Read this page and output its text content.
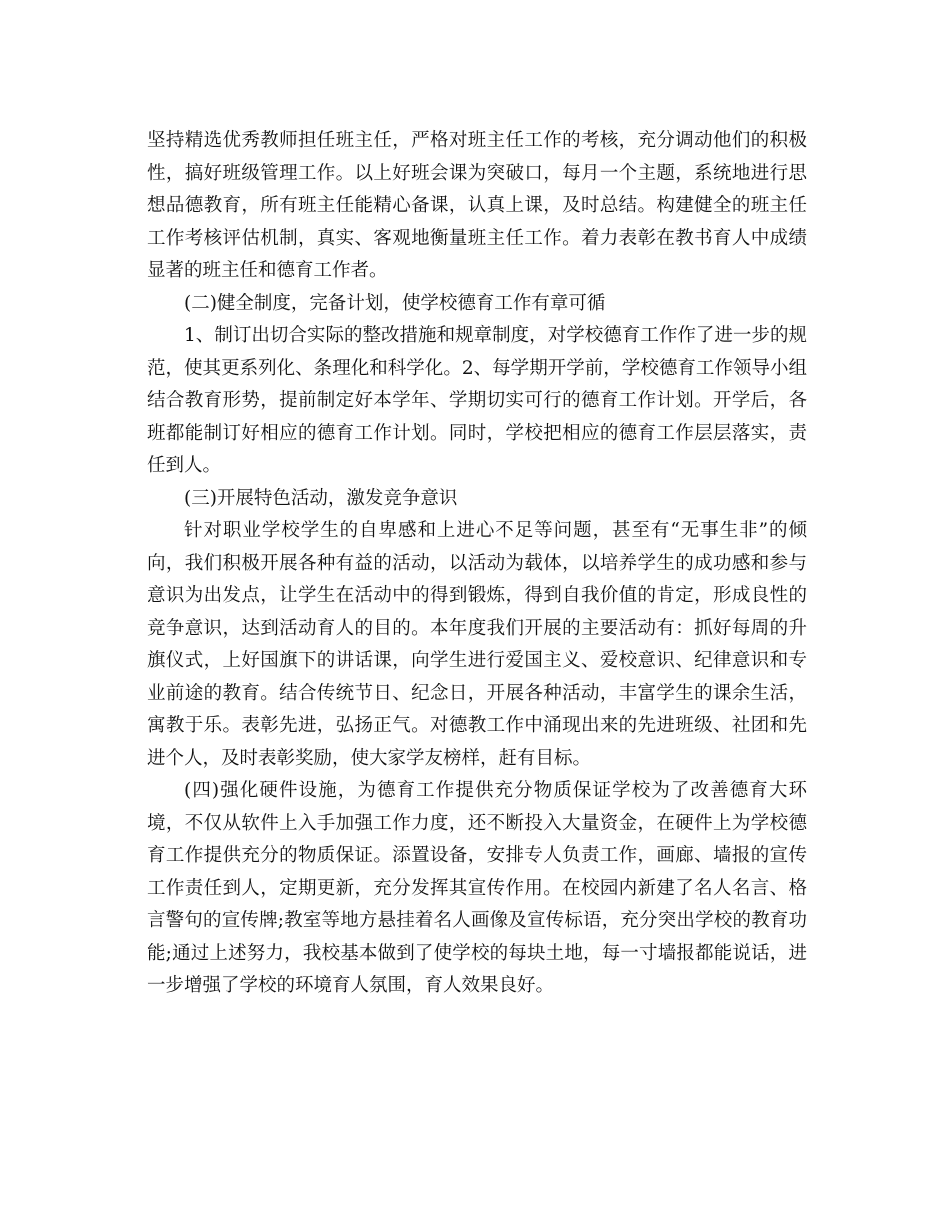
坚持精选优秀教师担任班主任，严格对班主任工作的考核，充分调动他们的积极性，搞好班级管理工作。以上好班会课为突破口，每月一个主题，系统地进行思想品德教育，所有班主任能精心备课，认真上课，及时总结。构建健全的班主任工作考核评估机制，真实、客观地衡量班主任工作。着力表彰在教书育人中成绩显著的班主任和德育工作者。

(二)健全制度，完备计划，使学校德育工作有章可循

1、制订出切合实际的整改措施和规章制度，对学校德育工作作了进一步的规范，使其更系列化、条理化和科学化。2、每学期开学前，学校德育工作领导小组结合教育形势，提前制定好本学年、学期切实可行的德育工作计划。开学后，各班都能制订好相应的德育工作计划。同时，学校把相应的德育工作层层落实，责任到人。

(三)开展特色活动，激发竞争意识

针对职业学校学生的自卑感和上进心不足等问题，甚至有“无事生非”的倾向，我们积极开展各种有益的活动，以活动为载体，以培养学生的成功感和参与意识为出发点，让学生在活动中的得到锻炼，得到自我价值的肯定，形成良性的竞争意识，达到活动育人的目的。本年度我们开展的主要活动有：抓好每周的升旗仪式，上好国旗下的讲话课，向学生进行爱国主义、爱校意识、纪律意识和专业前途的教育。结合传统节日、纪念日，开展各种活动，丰富学生的课余生活，寓教于乐。表彰先进，弘扬正气。对德教工作中涌现出来的先进班级、社团和先进个人，及时表彰奖励，使大家学友榜样，赶有目标。

(四)强化硬件设施，为德育工作提供充分物质保证学校为了改善德育大环境，不仅从软件上入手加强工作力度，还不断投入大量资金，在硬件上为学校德育工作提供充分的物质保证。添置设备，安排专人负责工作，画廊、墙报的宣传工作责任到人，定期更新，充分发挥其宣传作用。在校园内新建了名人名言、格言警句的宣传牌;教室等地方悬挂着名人画像及宣传标语，充分突出学校的教育功能;通过上述努力，我校基本做到了使学校的每块土地，每一寸墙报都能说话，进一步增强了学校的环境育人氛围，育人效果良好。
